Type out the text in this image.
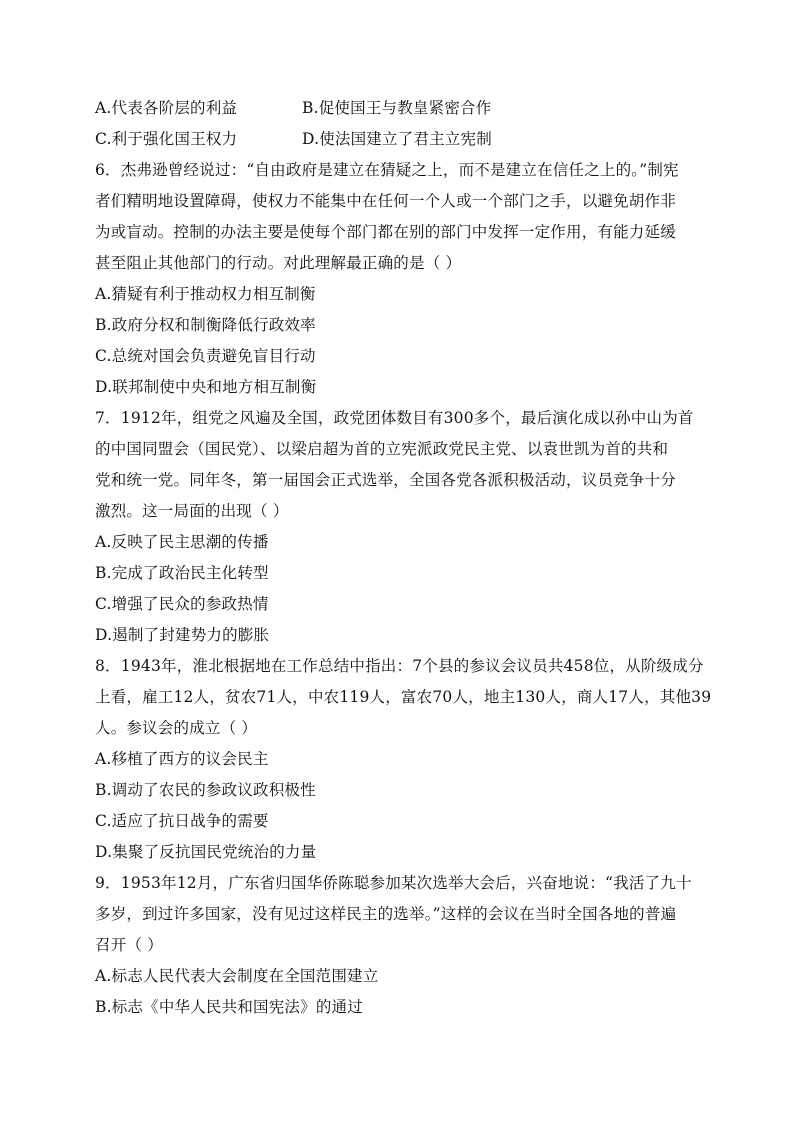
A.代表各阶层的利益	B.促使国王与教皇紧密合作
C.利于强化国王权力	D.使法国建立了君主立宪制
6．杰弗逊曾经说过：“自由政府是建立在猜疑之上，而不是建立在信任之上的。”制宪
者们精明地设置障碍，使权力不能集中在任何一个人或一个部门之手，以避免胡作非
为或盲动。控制的办法主要是使每个部门都在别的部门中发挥一定作用，有能力延缓
甚至阻止其他部门的行动。对此理解最正确的是（ ）
A.猜疑有利于推动权力相互制衡
B.政府分权和制衡降低行政效率
C.总统对国会负责避免盲目行动
D.联邦制使中央和地方相互制衡
7．1912年，组党之风遍及全国，政党团体数目有300多个，最后演化成以孙中山为首
的中国同盟会（国民党）、以梁启超为首的立宪派政党民主党、以袁世凯为首的共和
党和统一党。同年冬，第一届国会正式选举，全国各党各派积极活动，议员竞争十分
激烈。这一局面的出现（ ）
A.反映了民主思潮的传播
B.完成了政治民主化转型
C.增强了民众的参政热情
D.遏制了封建势力的膨胀
8．1943年，淮北根据地在工作总结中指出：7个县的参议会议员共458位，从阶级成分
上看，雇工12人，贫农71人，中农119人，富农70人，地主130人，商人17人，其他39
人。参议会的成立（ ）
A.移植了西方的议会民主
B.调动了农民的参政议政积极性
C.适应了抗日战争的需要
D.集聚了反抗国民党统治的力量
9．1953年12月，广东省归国华侨陈聪参加某次选举大会后，兴奋地说：“我活了九十
多岁，到过许多国家，没有见过这样民主的选举。”这样的会议在当时全国各地的普遍
召开（ ）
A.标志人民代表大会制度在全国范围建立
B.标志《中华人民共和国宪法》的通过
